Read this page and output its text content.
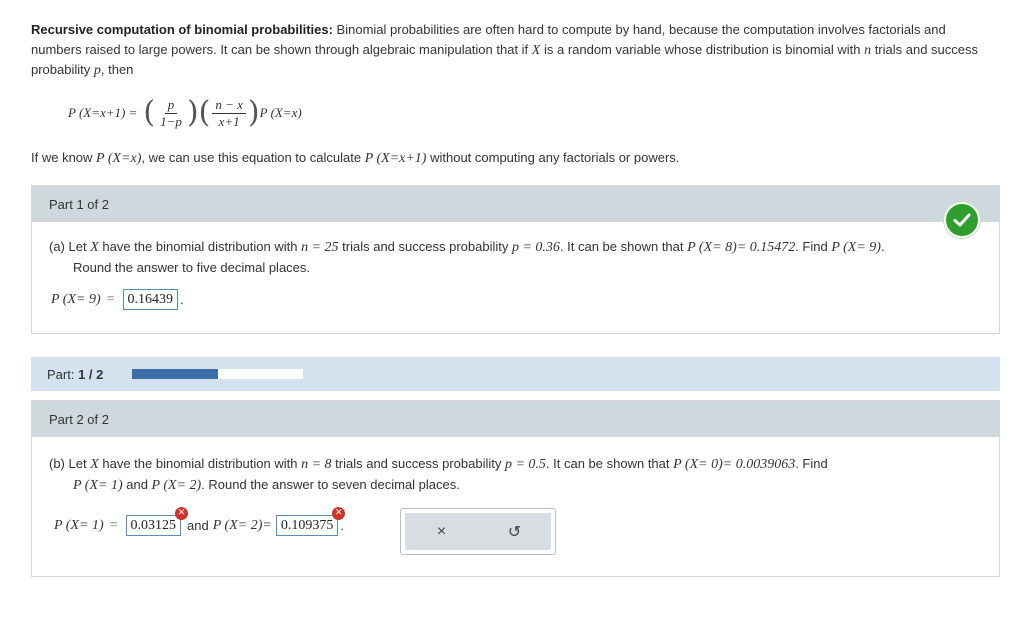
Recursive computation of binomial probabilities: Binomial probabilities are often hard to compute by hand, because the computation involves factorials and numbers raised to large powers. It can be shown through algebraic manipulation that if X is a random variable whose distribution is binomial with n trials and success probability p, then
P (X=x+1) = ( $\frac{p}{1-p}$ ) ( $\frac{n - x}{x+1}$ ) P (X=x)
If we know P (X=x), we can use this equation to calculate P (X=x+1) without computing any factorials or powers.
Part 1 of 2
(a) Let X have the binomial distribution with n = 25 trials and success probability p = 0.36. It can be shown that P (X= 8)= 0.15472. Find P (X= 9).
Round the answer to five decimal places.
P (X= 9) = 0.16439 .
Part:
1 / 2
Part 2 of 2
(b) Let X have the binomial distribution with n = 8 trials and success probability p = 0.5. It can be shown that P (X= 0)= 0.0039063. Find
P (X= 1) and P (X= 2). Round the answer to seven decimal places.
P (X= 1) = 0.03125
✕
and P (X= 2)= 0.109375
✕
.	×	↺
